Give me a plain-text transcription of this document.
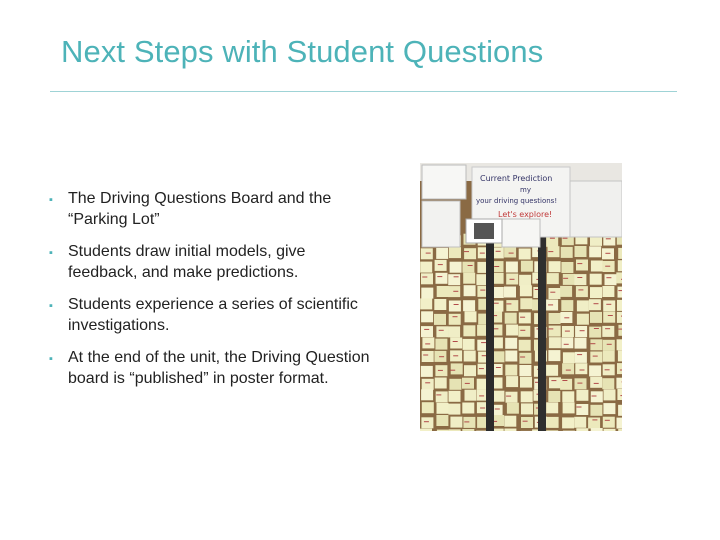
Next Steps with Student Questions
▪ The Driving Questions Board and the “Parking Lot”
▪ Students draw initial models, give feedback, and make predictions.
▪ Students experience a series of scientific investigations.
▪ At the end of the unit, the Driving Question board is “published” in poster format.
Current Prediction
my
your driving questions!
Let's explore!
